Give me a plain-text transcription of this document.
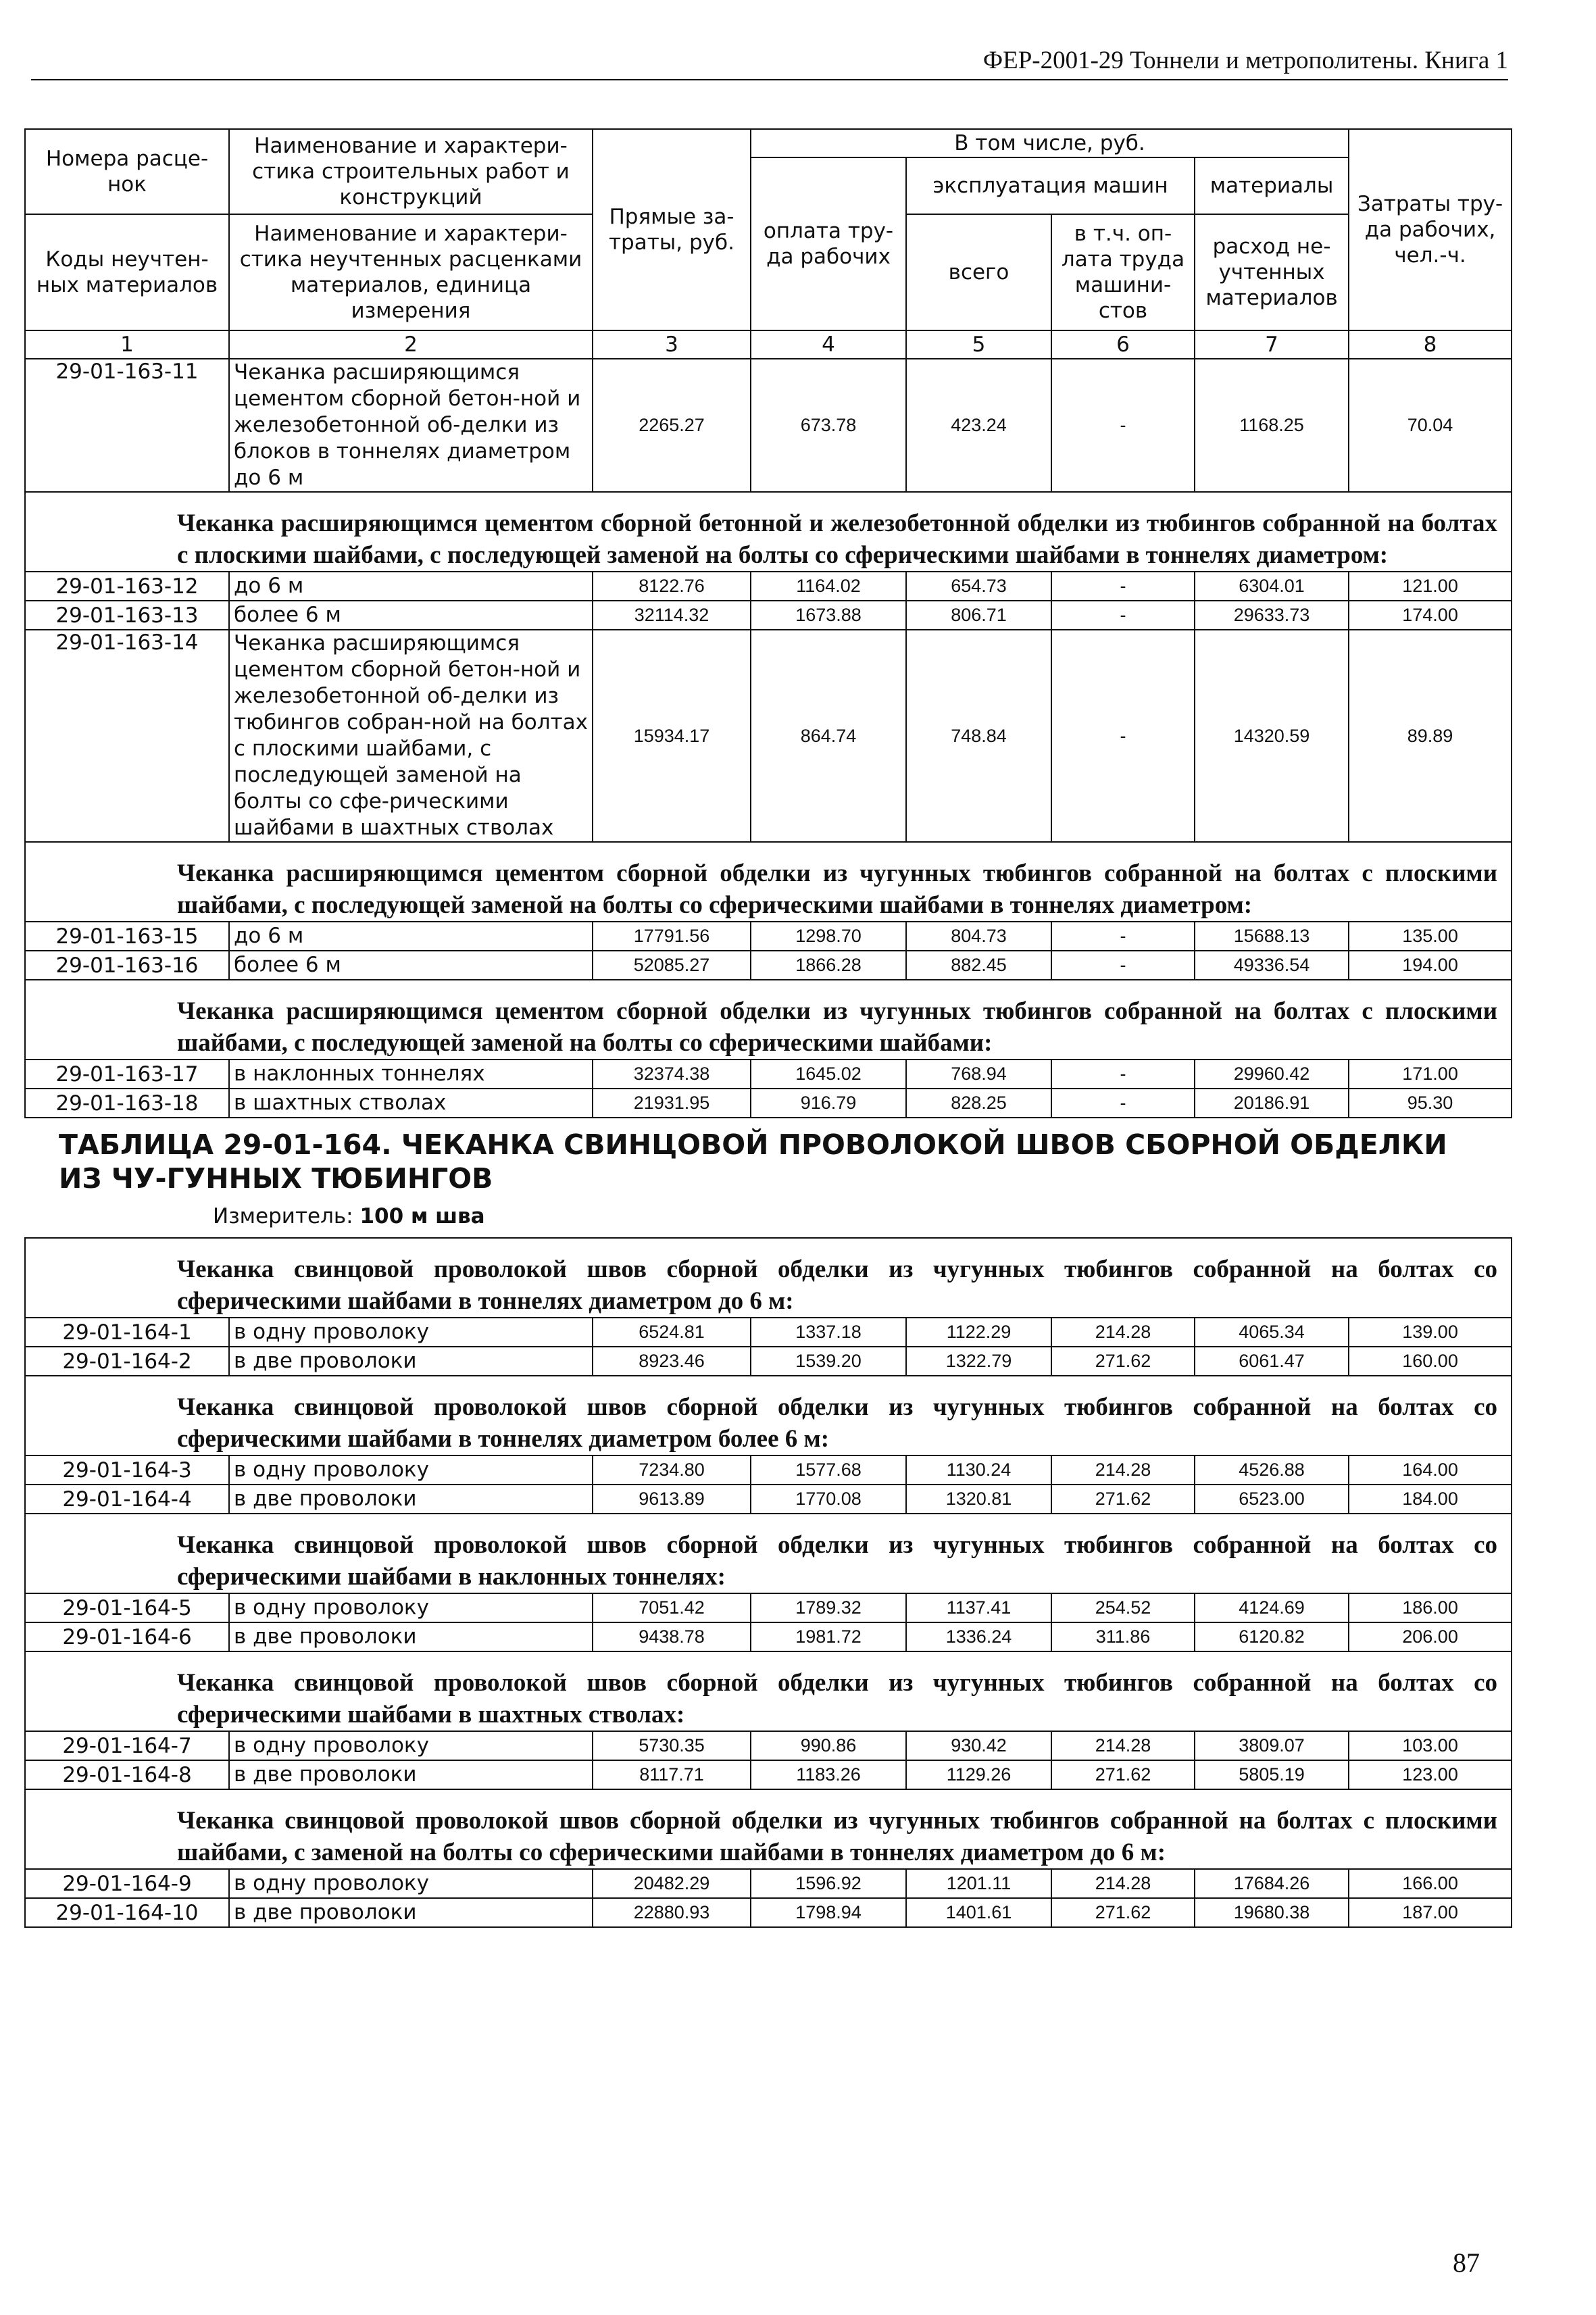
ФЕР-2001-29 Тоннели и метрополитены. Книга 1
Номера расце-нок	Наименование и характери-стика строительных работ и конструкций	Прямые за-траты, руб.	В том числе, руб.				Затраты тру-да рабочих, чел.-ч.
			оплата тру-да рабочих	эксплуатация машин		материалы	
Коды неучтен-ных материалов	Наименование и характери-стика неучтенных расценками материалов, единица измерения			всего	в т.ч. оп-лата труда машини-стов	расход не-учтенных материалов	

1	2	3	4	5	6	7	8
29-01-163-11	Чеканка расширяющимся цементом сборной бетон-ной и железобетонной об-делки из блоков в тоннелях диаметром до 6 м	2265.27	673.78	423.24	-	1168.25	70.04
Чеканка расширяющимся цементом сборной бетонной и железобетонной обделки из тюбингов собранной на болтах с плоскими шайбами, с последующей заменой на болты со сферическими шайбами в тоннелях диаметром:							
29-01-163-12	до 6 м	8122.76	1164.02	654.73	-	6304.01	121.00
29-01-163-13	более 6 м	32114.32	1673.88	806.71	-	29633.73	174.00
29-01-163-14	Чеканка расширяющимся цементом сборной бетон-ной и железобетонной об-делки из тюбингов собран-ной на болтах с плоскими шайбами, с последующей заменой на болты со сфе-рическими шайбами в шахтных стволах	15934.17	864.74	748.84	-	14320.59	89.89
Чеканка расширяющимся цементом сборной обделки из чугунных тюбингов собранной на болтах с плоскими шайбами, с последующей заменой на болты со сферическими шайбами в тоннелях диаметром:							
29-01-163-15	до 6 м	17791.56	1298.70	804.73	-	15688.13	135.00
29-01-163-16	более 6 м	52085.27	1866.28	882.45	-	49336.54	194.00
Чеканка расширяющимся цементом сборной обделки из чугунных тюбингов собранной на болтах с плоскими шайбами, с последующей заменой на болты со сферическими шайбами:							
29-01-163-17	в наклонных тоннелях	32374.38	1645.02	768.94	-	29960.42	171.00
29-01-163-18	в шахтных стволах	21931.95	916.79	828.25	-	20186.91	95.30
ТАБЛИЦА 29-01-164. ЧЕКАНКА СВИНЦОВОЙ ПРОВОЛОКОЙ ШВОВ СБОРНОЙ ОБДЕЛКИ ИЗ ЧУ-ГУННЫХ ТЮБИНГОВ
Измеритель: 100 м шва							

Чеканка свинцовой проволокой швов сборной обделки из чугунных тюбингов собранной на болтах со сферическими шайбами в тоннелях диаметром до 6 м:							
29-01-164-1	в одну проволоку	6524.81	1337.18	1122.29	214.28	4065.34	139.00
29-01-164-2	в две проволоки	8923.46	1539.20	1322.79	271.62	6061.47	160.00
Чеканка свинцовой проволокой швов сборной обделки из чугунных тюбингов собранной на болтах со сферическими шайбами в тоннелях диаметром более 6 м:							
29-01-164-3	в одну проволоку	7234.80	1577.68	1130.24	214.28	4526.88	164.00
29-01-164-4	в две проволоки	9613.89	1770.08	1320.81	271.62	6523.00	184.00
Чеканка свинцовой проволокой швов сборной обделки из чугунных тюбингов собранной на болтах со сферическими шайбами в наклонных тоннелях:							
29-01-164-5	в одну проволоку	7051.42	1789.32	1137.41	254.52	4124.69	186.00
29-01-164-6	в две проволоки	9438.78	1981.72	1336.24	311.86	6120.82	206.00
Чеканка свинцовой проволокой швов сборной обделки из чугунных тюбингов собранной на болтах со сферическими шайбами в шахтных стволах:							
29-01-164-7	в одну проволоку	5730.35	990.86	930.42	214.28	3809.07	103.00
29-01-164-8	в две проволоки	8117.71	1183.26	1129.26	271.62	5805.19	123.00
Чеканка свинцовой проволокой швов сборной обделки из чугунных тюбингов собранной на болтах с плоскими шайбами, с заменой на болты со сферическими шайбами в тоннелях диаметром до 6 м:							
29-01-164-9	в одну проволоку	20482.29	1596.92	1201.11	214.28	17684.26	166.00
29-01-164-10	в две проволоки	22880.93	1798.94	1401.61	271.62	19680.38	187.00
87
